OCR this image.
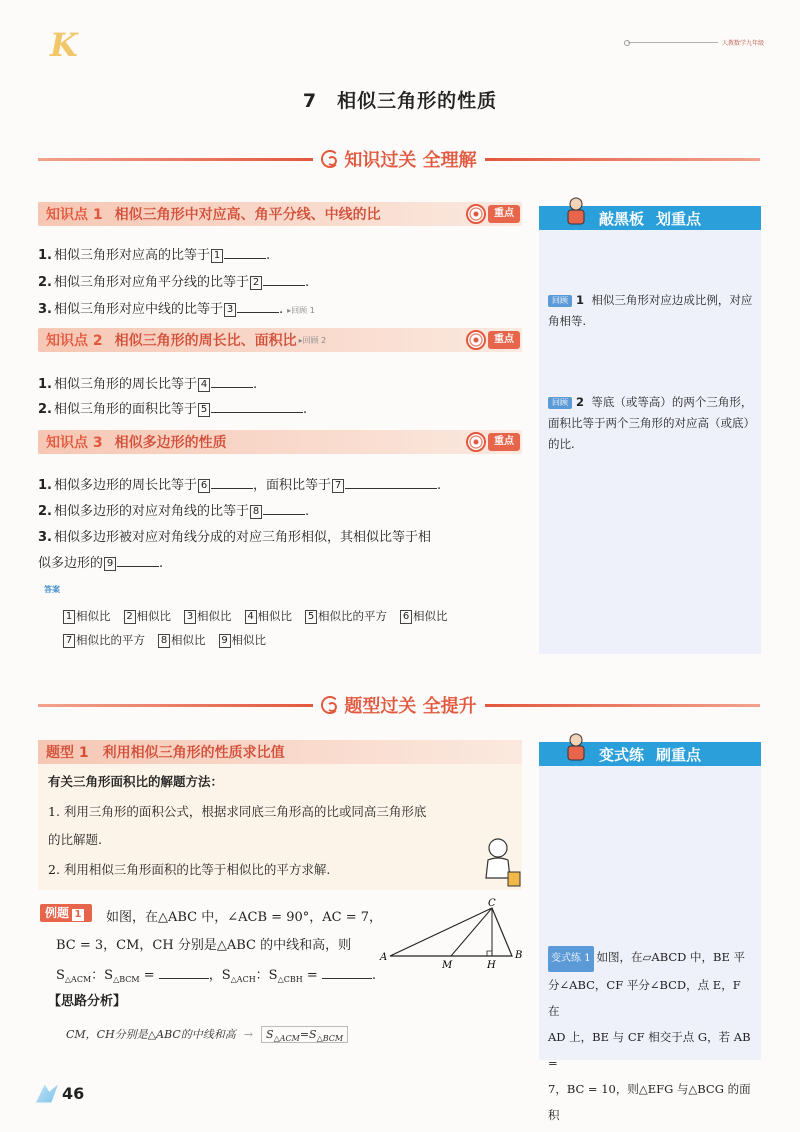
K	人教数学九年级
7　相似三角形的性质
知识过关 全理解
知识点 1 相似三角形中对应高、角平分线、中线的比	重点
1. 相似三角形对应高的比等于 1	.
2. 相似三角形对应角平分线的比等于 2	.
3. 相似三角形对应中线的比等于 3	. ▸回顾 1
知识点 2 相似三角形的周长比、面积比 ▸回顾 2	重点
1. 相似三角形的周长比等于 4	.
2. 相似三角形的面积比等于 5	.
知识点 3 相似多边形的性质	重点
1. 相似多边形的周长比等于 6	，面积比等于 7	.
2. 相似多边形的对应对角线的比等于 8	.
3. 相似多边形被对应对角线分成的对应三角形相似，其相似比等于相
似多边形的 9	.
答案
1 相似比 2 相似比 3 相似比 4 相似比 5 相似比的平方 6 相似比
7 相似比的平方 8 相似比 9 相似比
敲黑板 划重点
回顾 1 相似三角形对应边成比例，对应角相等.
回顾 2 等底（或等高）的两个三角形，面积比等于两个三角形的对应高（或底）的比.
题型过关 全提升
题型 1 利用相似三角形的性质求比值
有关三角形面积比的解题方法：
1. 利用三角形的面积公式，根据求同底三角形高的比或同高三角形底
的比解题.
2. 利用相似三角形面积的比等于相似比的平方求解.
例题 1	如图，在△ABC 中，∠ACB = 90°，AC = 7，
BC = 3，CM，CH 分别是△ABC 的中线和高，则
$S_{\triangle ACM}$：$S_{\triangle BCM}$ =	，$S_{\triangle ACH}$：$S_{\triangle CBH}$ =	.
C
A
M	H
B
【思路分析】
CM，CH分别是△ABC的中线和高 → $S_{\triangle ACM}=S_{\triangle BCM}$
变式练 刷重点
变式练 1 如图，在▱ABCD 中，BE 平
分∠ABC，CF 平分∠BCD，点 E，F 在
AD 上，BE 与 CF 相交于点 G，若 AB =
7，BC = 10，则△EFG 与△BCG 的面积
46
